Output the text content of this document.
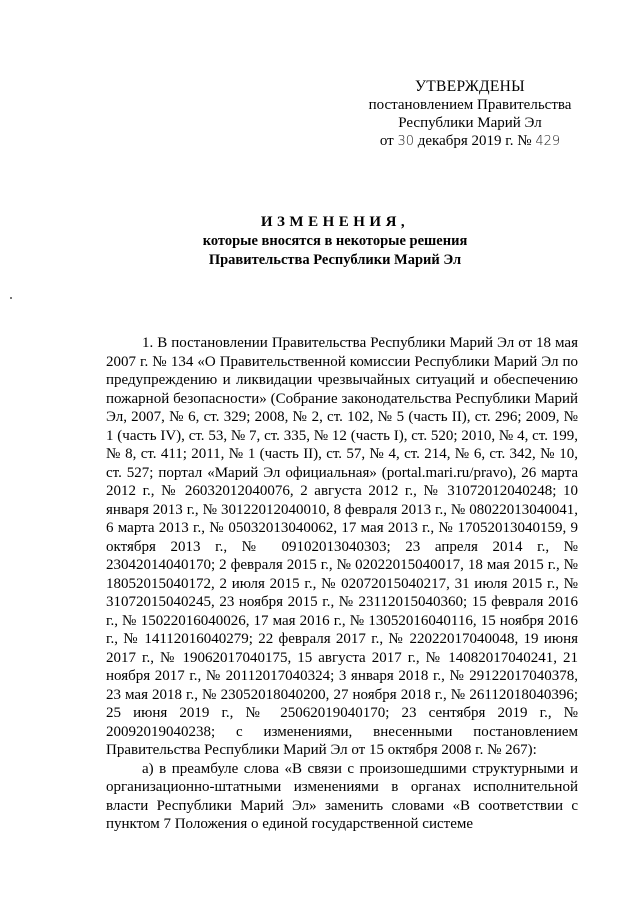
УТВЕРЖДЕНЫ
постановлением Правительства
Республики Марий Эл
от 30 декабря 2019 г. № 429
ИЗМЕНЕНИЯ,
которые вносятся в некоторые решения
Правительства Республики Марий Эл

1. В постановлении Правительства Республики Марий Эл от 18 мая 2007 г. № 134 «О Правительственной комиссии Республики Марий Эл по предупреждению и ликвидации чрезвычайных ситуаций и обеспечению пожарной безопасности» (Собрание законодательства Республики Марий Эл, 2007, № 6, ст. 329; 2008, № 2, ст. 102, № 5 (часть II), ст. 296; 2009, № 1 (часть IV), ст. 53, № 7, ст. 335, № 12 (часть I), ст. 520; 2010, № 4, ст. 199, № 8, ст. 411; 2011, № 1 (часть II), ст. 57, № 4, ст. 214, № 6, ст. 342, № 10, ст. 527; портал «Марий Эл официальная» (portal.mari.ru/pravo), 26 марта 2012 г., № 26032012040076, 2 августа 2012 г., № 31072012040248; 10 января 2013 г., № 30122012040010, 8 февраля 2013 г., № 08022013040041, 6 марта 2013 г., № 05032013040062, 17 мая 2013 г., № 17052013040159, 9 октября 2013 г., № 09102013040303; 23 апреля 2014 г., № 23042014040170; 2 февраля 2015 г., № 02022015040017, 18 мая 2015 г., № 18052015040172, 2 июля 2015 г., № 02072015040217, 31 июля 2015 г., № 31072015040245, 23 ноября 2015 г., № 23112015040360; 15 февраля 2016 г., № 15022016040026, 17 мая 2016 г., № 13052016040116, 15 ноября 2016 г., № 14112016040279; 22 февраля 2017 г., № 22022017040048, 19 июня 2017 г., № 19062017040175, 15 августа 2017 г., № 14082017040241, 21 ноября 2017 г., № 20112017040324; 3 января 2018 г., № 29122017040378, 23 мая 2018 г., № 23052018040200, 27 ноября 2018 г., № 26112018040396; 25 июня 2019 г., № 25062019040170; 23 сентября 2019 г., № 20092019040238; с изменениями, внесенными постановлением Правительства Республики Марий Эл от 15 октября 2008 г. № 267):

а) в преамбуле слова «В связи с произошедшими структурными и организационно-штатными изменениями в органах исполнительной власти Республики Марий Эл» заменить словами «В соответствии с пунктом 7 Положения о единой государственной системе
